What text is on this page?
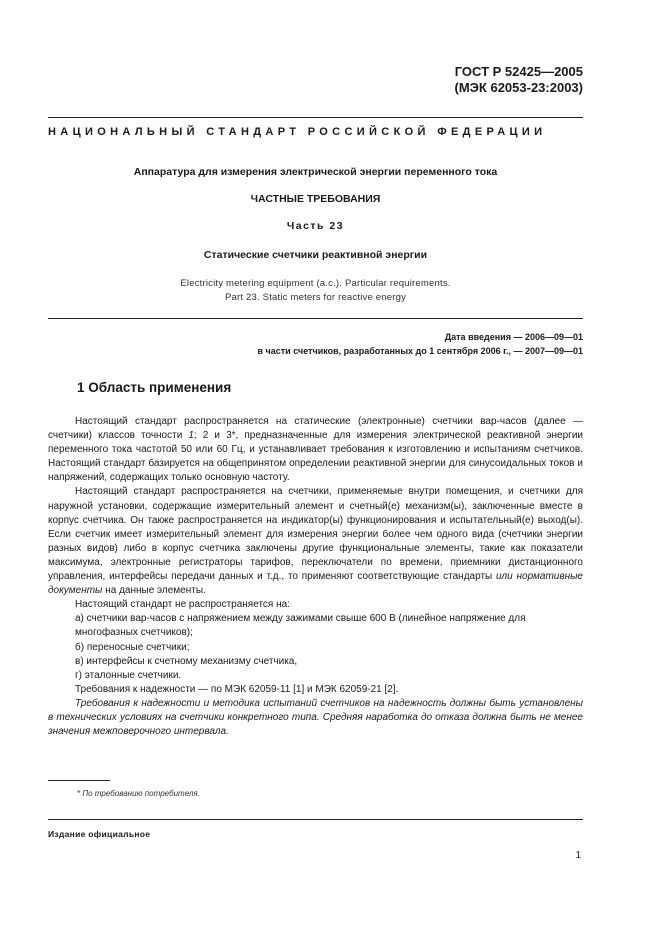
ГОСТ Р 52425—2005
(МЭК 62053-23:2003)
НАЦИОНАЛЬНЫЙ СТАНДАРТ РОССИЙСКОЙ ФЕДЕРАЦИИ
Аппаратура для измерения электрической энергии переменного тока
ЧАСТНЫЕ ТРЕБОВАНИЯ
Часть 23
Статические счетчики реактивной энергии
Electricity metering equipment (a.c.). Particular requirements.
Part 23. Static meters for reactive energy
Дата введения — 2006—09—01
в части счетчиков, разработанных до 1 сентября 2006 г., — 2007—09—01
1 Область применения

Настоящий стандарт распространяется на статические (электронные) счетчики вар-часов (далее — счетчики) классов точности 1; 2 и 3*, предназначенные для измерения электрической реактивной энергии переменного тока частотой 50 или 60 Гц, и устанавливает требования к изготовлению и испытаниям счетчиков. Настоящий стандарт базируется на общепринятом определении реактивной энергии для синусоидальных токов и напряжений, содержащих только основную частоту.

Настоящий стандарт распространяется на счетчики, применяемые внутри помещения, и счетчики для наружной установки, содержащие измерительный элемент и счетный(е) механизм(ы), заключенные вместе в корпус счетчика. Он также распространяется на индикатор(ы) функционирования и испытательный(е) выход(ы). Если счетчик имеет измерительный элемент для измерения энергии более чем одного вида (счетчики энергии разных видов) либо в корпус счетчика заключены другие функциональные элементы, такие как показатели максимума, электронные регистраторы тарифов, переключатели по времени, приемники дистанционного управления, интерфейсы передачи данных и т.д., то применяют соответствующие стандарты или нормативные документы на данные элементы.

Настоящий стандарт не распространяется на:

а) счетчики вар-часов с напряжением между зажимами свыше 600 В (линейное напряжение для многофазных счетчиков);

б) переносные счетчики;

в) интерфейсы к счетному механизму счетчика,

г) эталонные счетчики.

Требования к надежности — по МЭК 62059-11 [1] и МЭК 62059-21 [2].

Требования к надежности и методика испытаний счетчиков на надежность должны быть установлены в технических условиях на счетчики конкретного типа. Средняя наработка до отказа должна быть не менее значения межповерочного интервала.

* По требованию потребителя.
Издание официальное
1
